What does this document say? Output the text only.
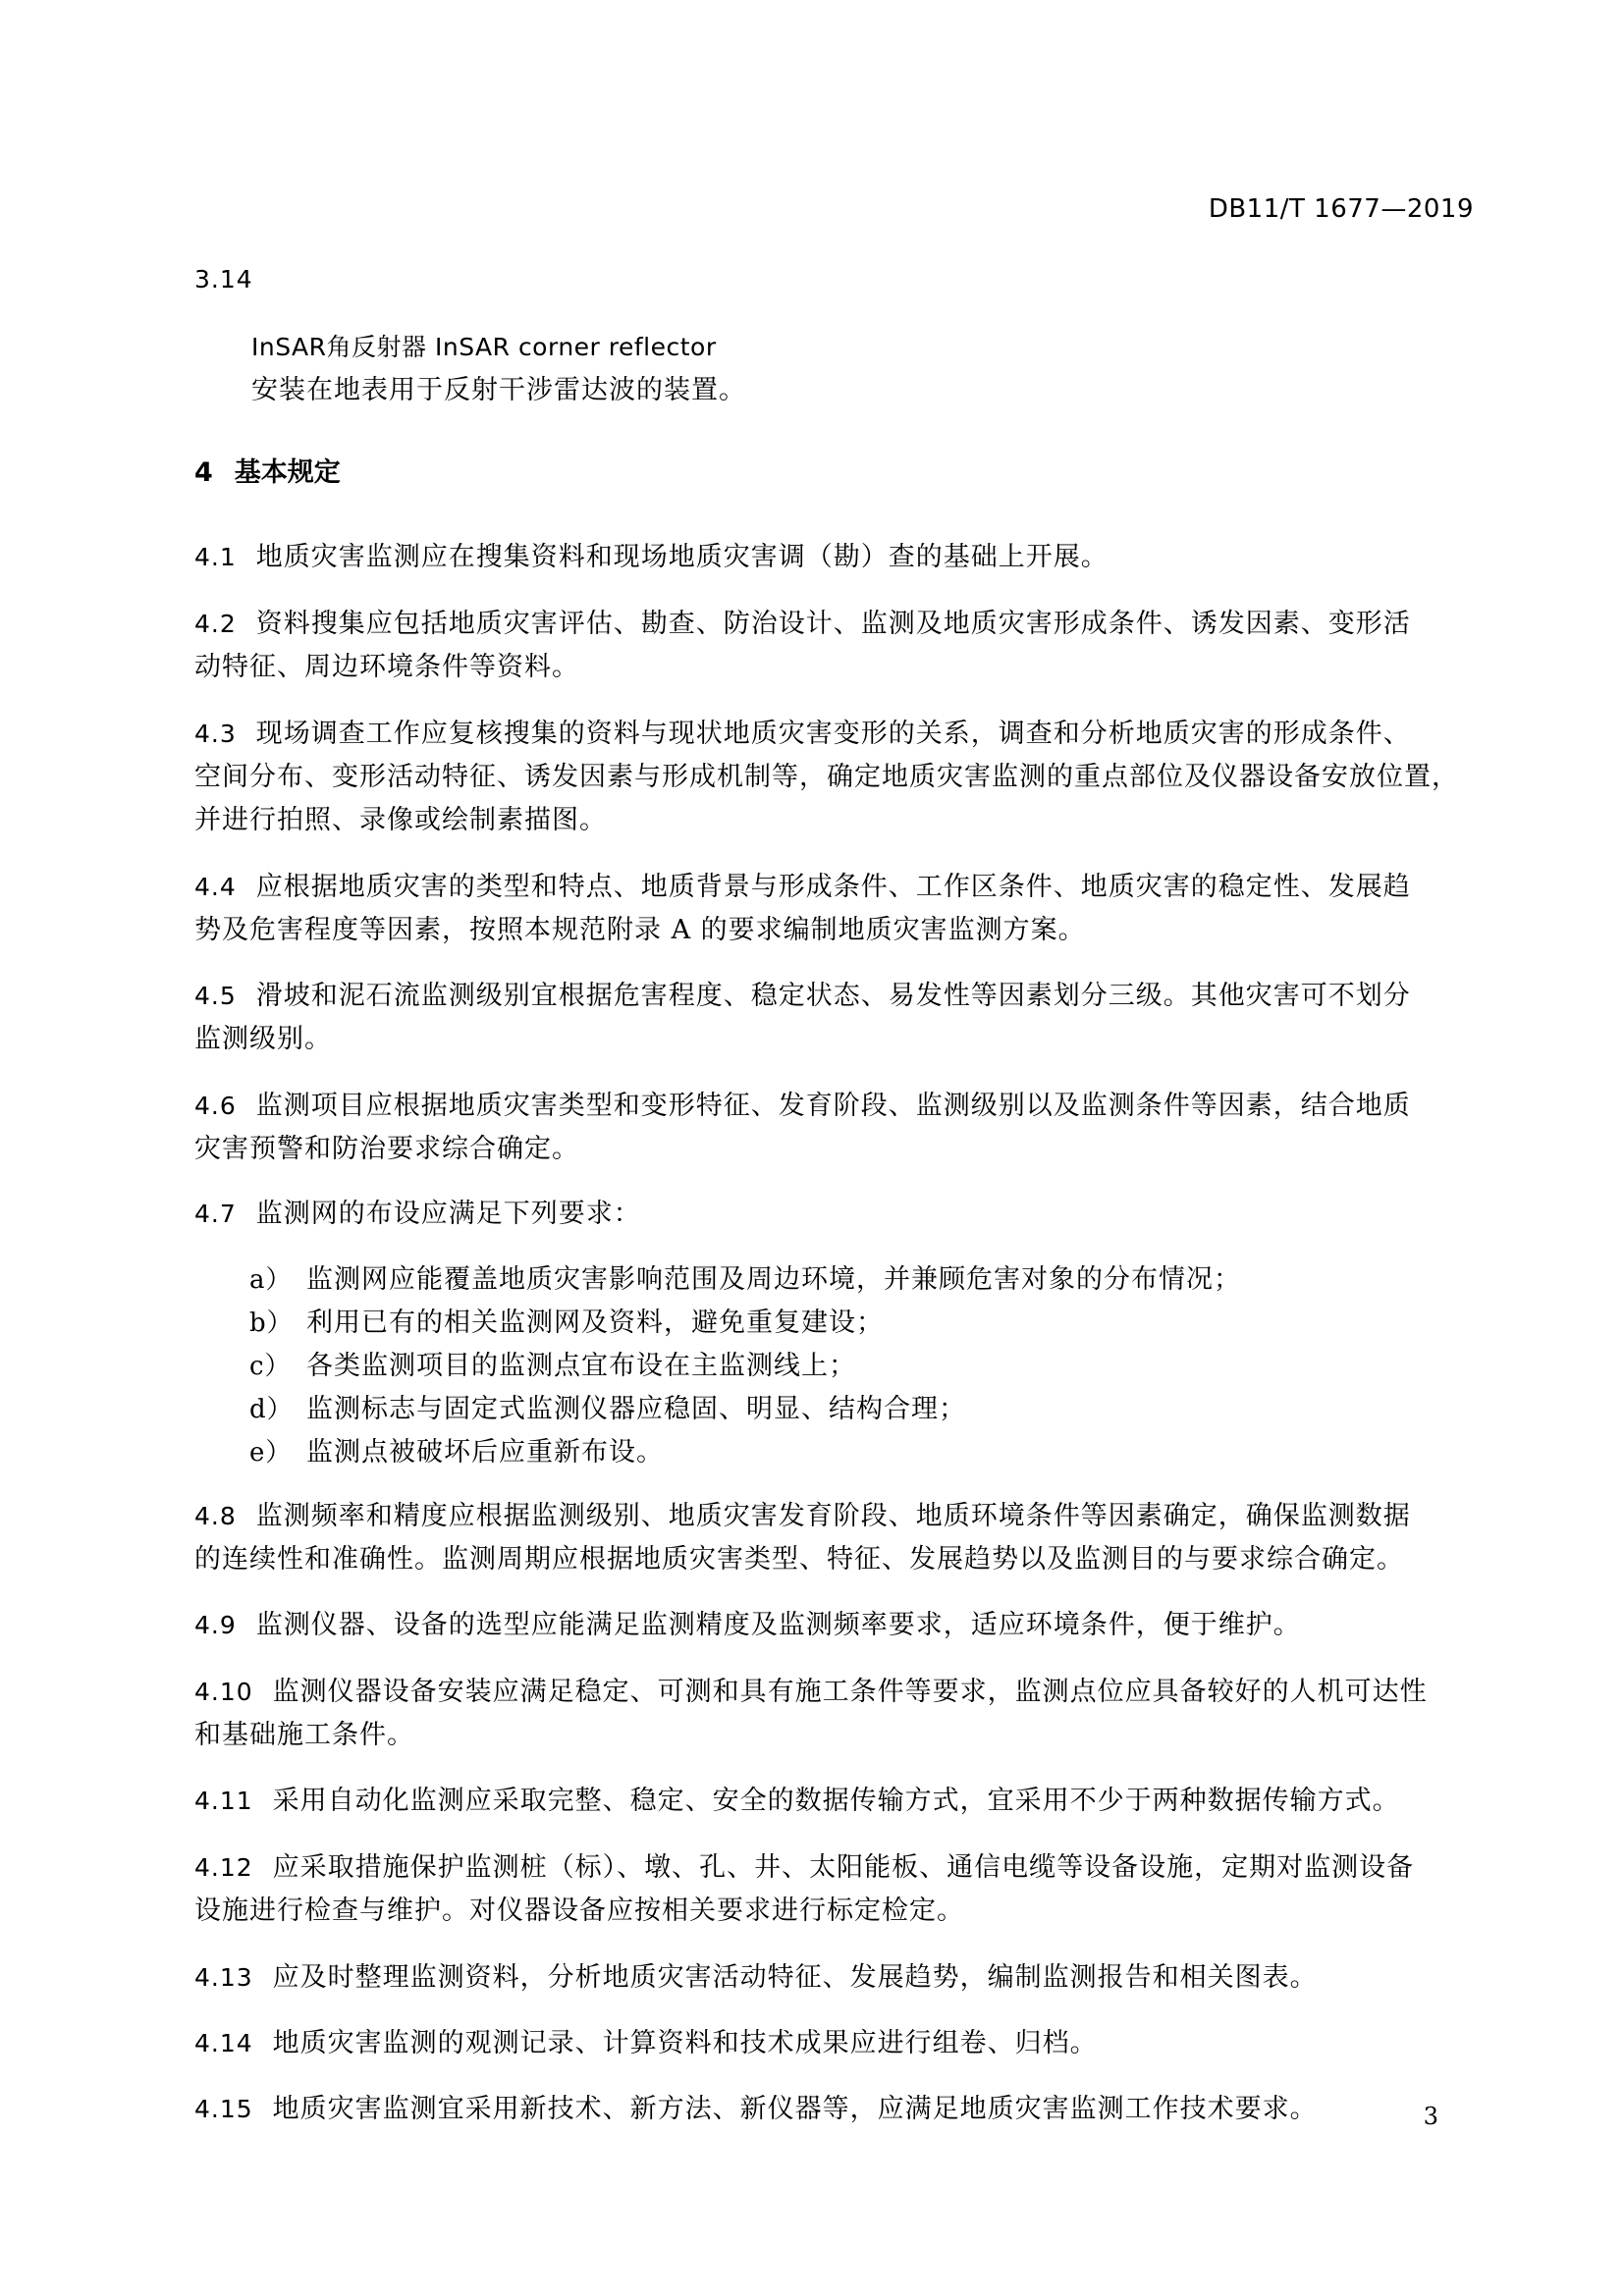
DB11/T 1677—2019
3.14
InSAR角反射器 InSAR corner reflector
安装在地表用于反射干涉雷达波的装置。
4 基本规定
4.1 地质灾害监测应在搜集资料和现场地质灾害调（勘）查的基础上开展。
4.2 资料搜集应包括地质灾害评估、勘查、防治设计、监测及地质灾害形成条件、诱发因素、变形活
动特征、周边环境条件等资料。
4.3 现场调查工作应复核搜集的资料与现状地质灾害变形的关系，调查和分析地质灾害的形成条件、
空间分布、变形活动特征、诱发因素与形成机制等，确定地质灾害监测的重点部位及仪器设备安放位置，
并进行拍照、录像或绘制素描图。
4.4 应根据地质灾害的类型和特点、地质背景与形成条件、工作区条件、地质灾害的稳定性、发展趋
势及危害程度等因素，按照本规范附录 A 的要求编制地质灾害监测方案。
4.5 滑坡和泥石流监测级别宜根据危害程度、稳定状态、易发性等因素划分三级。其他灾害可不划分
监测级别。
4.6 监测项目应根据地质灾害类型和变形特征、发育阶段、监测级别以及监测条件等因素，结合地质
灾害预警和防治要求综合确定。
4.7 监测网的布设应满足下列要求：
a） 监测网应能覆盖地质灾害影响范围及周边环境，并兼顾危害对象的分布情况；
b） 利用已有的相关监测网及资料，避免重复建设；
c） 各类监测项目的监测点宜布设在主监测线上；
d） 监测标志与固定式监测仪器应稳固、明显、结构合理；
e） 监测点被破坏后应重新布设。
4.8 监测频率和精度应根据监测级别、地质灾害发育阶段、地质环境条件等因素确定，确保监测数据
的连续性和准确性。监测周期应根据地质灾害类型、特征、发展趋势以及监测目的与要求综合确定。
4.9 监测仪器、设备的选型应能满足监测精度及监测频率要求，适应环境条件，便于维护。
4.10 监测仪器设备安装应满足稳定、可测和具有施工条件等要求，监测点位应具备较好的人机可达性
和基础施工条件。
4.11 采用自动化监测应采取完整、稳定、安全的数据传输方式，宜采用不少于两种数据传输方式。
4.12 应采取措施保护监测桩（标）、墩、孔、井、太阳能板、通信电缆等设备设施，定期对监测设备
设施进行检查与维护。对仪器设备应按相关要求进行标定检定。
4.13 应及时整理监测资料，分析地质灾害活动特征、发展趋势，编制监测报告和相关图表。
4.14 地质灾害监测的观测记录、计算资料和技术成果应进行组卷、归档。
4.15 地质灾害监测宜采用新技术、新方法、新仪器等，应满足地质灾害监测工作技术要求。	3
